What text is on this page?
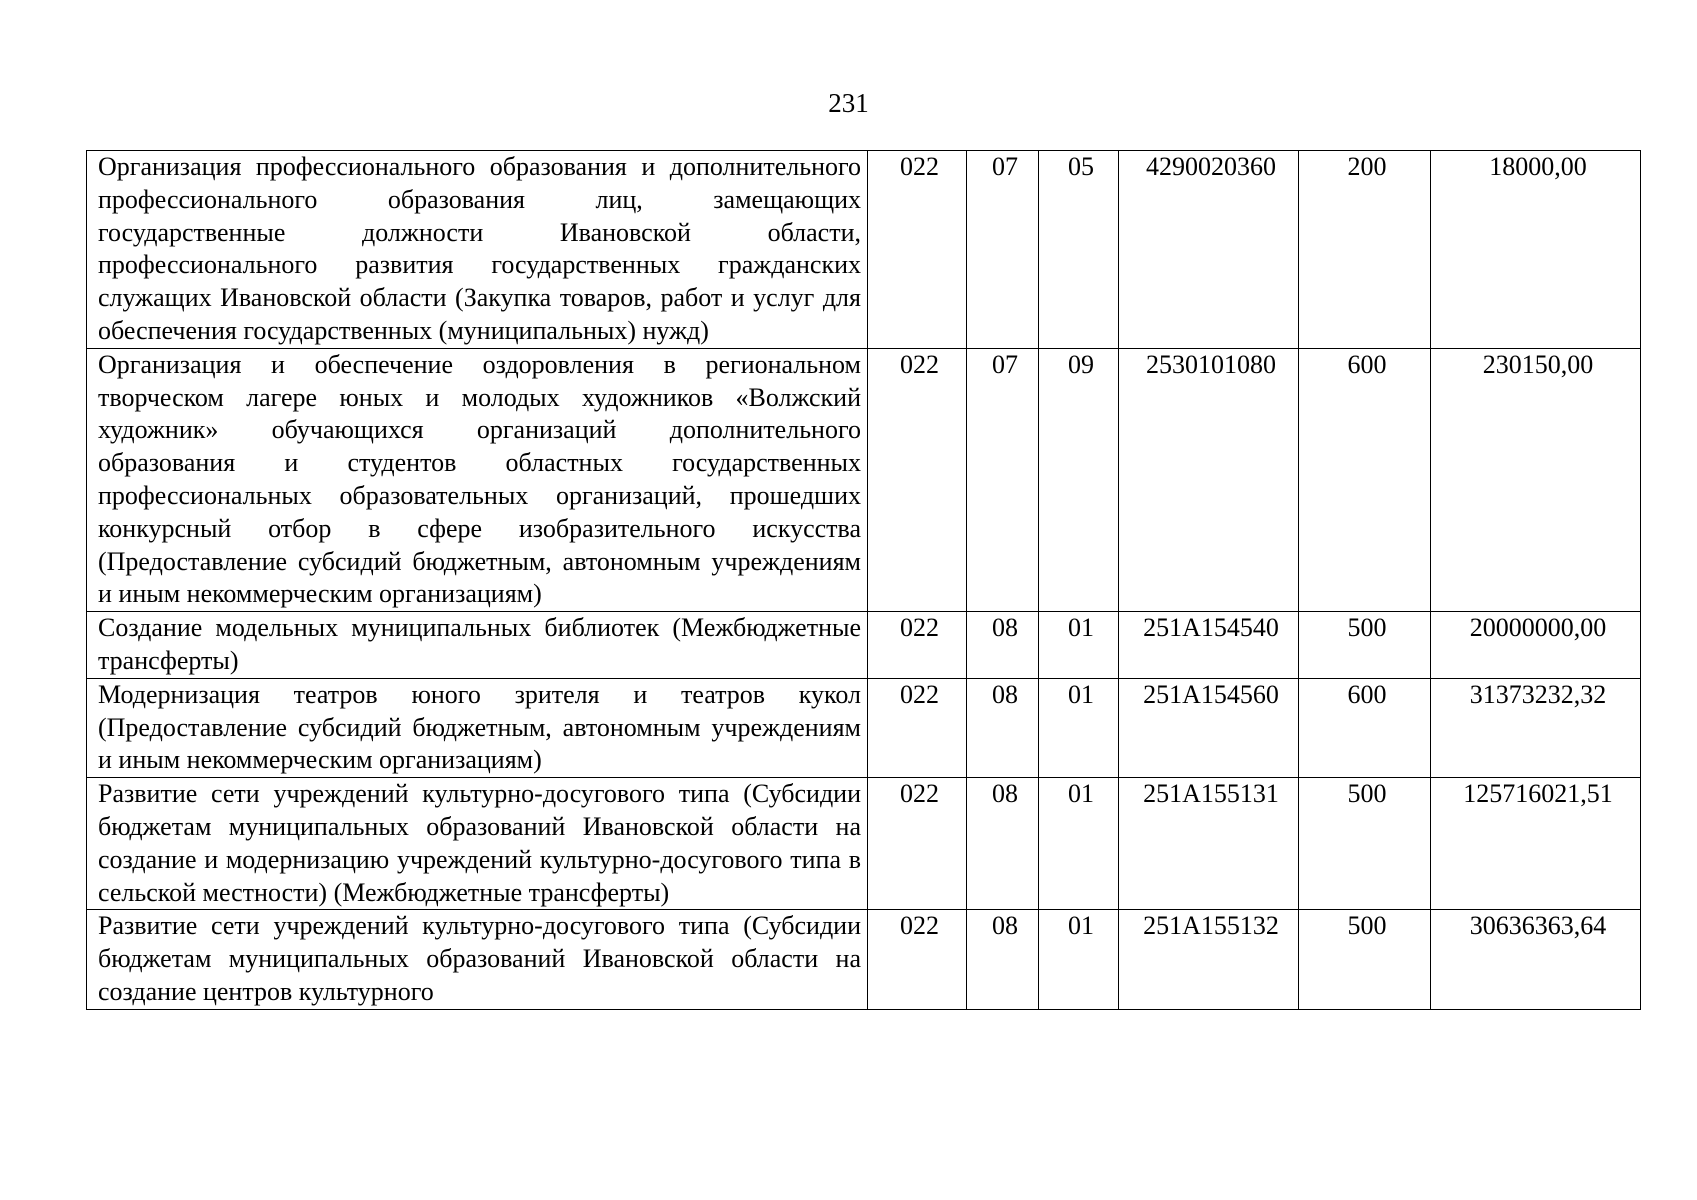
231
Организация профессионального образования и дополнительного профессионального образования лиц, замещающих государственные должности Ивановской области, профессионального развития государственных гражданских служащих Ивановской области (Закупка товаров, работ и услуг для обеспечения государственных (муниципальных) нужд)	022	07	05	4290020360	200	18000,00
Организация и обеспечение оздоровления в региональном творческом лагере юных и молодых художников «Волжский художник» обучающихся организаций дополнительного образования и студентов областных государственных профессиональных образовательных организаций, прошедших конкурсный отбор в сфере изобразительного искусства (Предоставление субсидий бюджетным, автономным учреждениям и иным некоммерческим организациям)	022	07	09	2530101080	600	230150,00
Создание модельных муниципальных библиотек (Межбюджетные трансферты)	022	08	01	251A154540	500	20000000,00
Модернизация театров юного зрителя и театров кукол (Предоставление субсидий бюджетным, автономным учреждениям и иным некоммерческим организациям)	022	08	01	251A154560	600	31373232,32
Развитие сети учреждений культурно-досугового типа (Субсидии бюджетам муниципальных образований Ивановской области на создание и модернизацию учреждений культурно-досугового типа в сельской местности) (Межбюджетные трансферты)	022	08	01	251A155131	500	125716021,51
Развитие сети учреждений культурно-досугового типа (Субсидии бюджетам муниципальных образований Ивановской области на создание центров культурного	022	08	01	251A155132	500	30636363,64
